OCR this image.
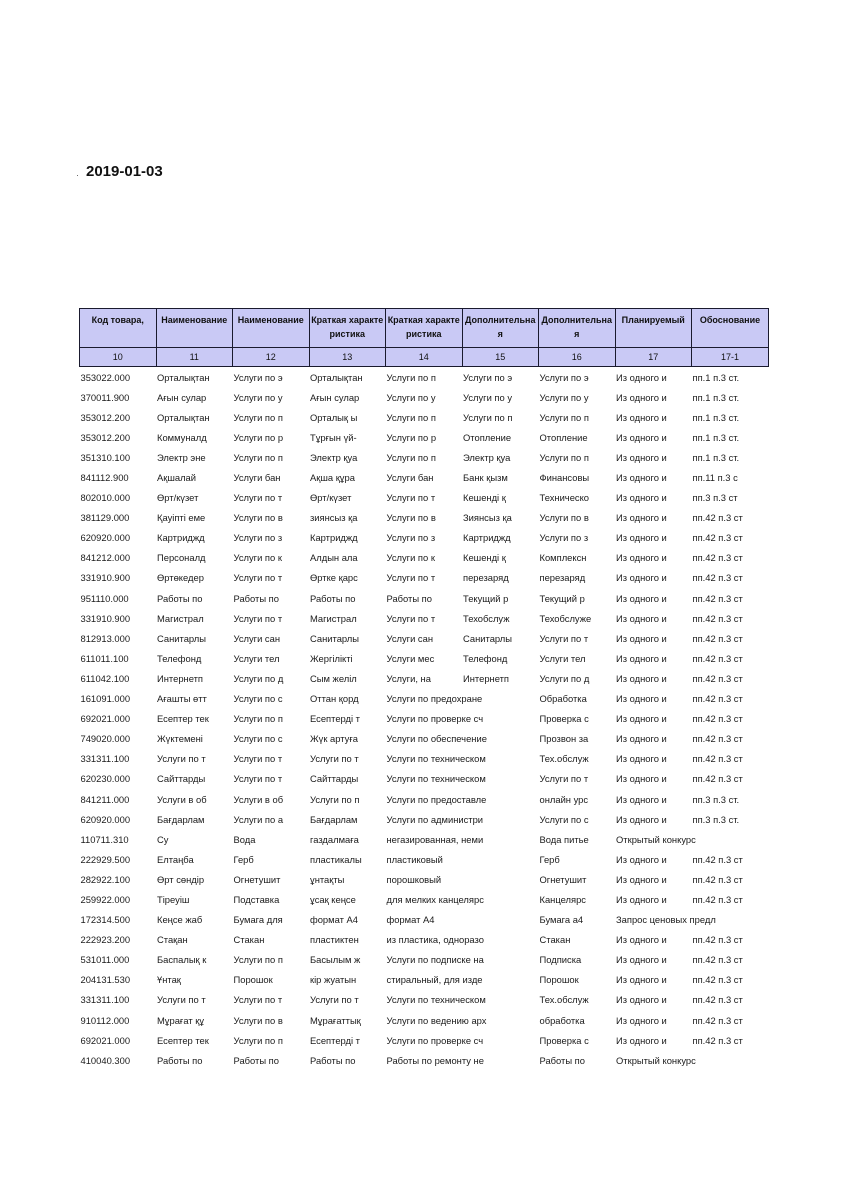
· 2019-01-03
Код товара,	Наименование	Наименование	Краткая характеристика	Краткая характеристика	Дополнительная	Дополнительная	Планируемый	Обоснование

10	11	12	13	14	15	16	17	17-1
353022.000	Орталықтан	Услуги по э	Орталықтан	Услуги по п	Услуги по э	Услуги по э	Из одного и	пп.1 п.3 ст.
370011.900	Ағын сулар	Услуги по у	Ағын сулар	Услуги по у	Услуги по у	Услуги по у	Из одного и	пп.1 п.3 ст.
353012.200	Орталықтан	Услуги по п	Орталық ы	Услуги по п	Услуги по п	Услуги по п	Из одного и	пп.1 п.3 ст.
353012.200	Коммуналд	Услуги по р	Тұрғын үй-	Услуги по р	Отопление	Отопление	Из одного и	пп.1 п.3 ст.
351310.100	Электр эне	Услуги по п	Электр қуа	Услуги по п	Электр қуа	Услуги по п	Из одного и	пп.1 п.3 ст.
841112.900	Ақшалай	Услуги бан	Ақша құра	Услуги бан	Банк қызм	Финансовы	Из одного и	пп.11 п.3 с
802010.000	Өрт/күзет	Услуги по т	Өрт/күзет	Услуги по т	Кешенді қ	Техническо	Из одного и	пп.3 п.3 ст
381129.000	Қауіпті еме	Услуги по в	зиянсыз қа	Услуги по в	Зиянсыз қа	Услуги по в	Из одного и	пп.42 п.3 ст
620920.000	Картриджд	Услуги по з	Картриджд	Услуги по з	Картриджд	Услуги по з	Из одного и	пп.42 п.3 ст
841212.000	Персоналд	Услуги по к	Алдын ала	Услуги по к	Кешенді қ	Комплексн	Из одного и	пп.42 п.3 ст
331910.900	Өртөкедер	Услуги по т	Өртке қарс	Услуги по т	перезаряд	перезаряд	Из одного и	пп.42 п.3 ст
951110.000	Работы по	Работы по	Работы по	Работы по	Текущий р	Текущий р	Из одного и	пп.42 п.3 ст
331910.900	Магистрал	Услуги по т	Магистрал	Услуги по т	Техобслуж	Техобслуже	Из одного и	пп.42 п.3 ст
812913.000	Санитарлы	Услуги сан	Санитарлы	Услуги сан	Санитарлы	Услуги по т	Из одного и	пп.42 п.3 ст
611011.100	Телефонд	Услуги тел	Жергілікті	Услуги мес	Телефонд	Услуги тел	Из одного и	пп.42 п.3 ст
611042.100	Интернетп	Услуги по д	Сым желіл	Услуги, на	Интернетп	Услуги по д	Из одного и	пп.42 п.3 ст
161091.000	Ағашты өтт	Услуги по с	Оттан қорд	Услуги по предохране		Обработка	Из одного и	пп.42 п.3 ст
692021.000	Есептер тек	Услуги по п	Есептерді т	Услуги по проверке сч		Проверка с	Из одного и	пп.42 п.3 ст
749020.000	Жүктемені	Услуги по с	Жүк артуға	Услуги по обеспечение		Прозвон за	Из одного и	пп.42 п.3 ст
331311.100	Услуги по т	Услуги по т	Услуги по т	Услуги по техническом		Тех.обслуж	Из одного и	пп.42 п.3 ст
620230.000	Сайттарды	Услуги по т	Сайттарды	Услуги по техническом		Услуги по т	Из одного и	пп.42 п.3 ст
841211.000	Услуги в об	Услуги в об	Услуги по п	Услуги по предоставле		онлайн урс	Из одного и	пп.3 п.3 ст.
620920.000	Бағдарлам	Услуги по а	Бағдарлам	Услуги по администри		Услуги по с	Из одного и	пп.3 п.3 ст.
110711.310	Су	Вода	газдалмаға	негазированная, неми		Вода питье	Открытый конкурс	
222929.500	Елтаңба	Герб	пластикалы	пластиковый		Герб	Из одного и	пп.42 п.3 ст
282922.100	Өрт сөндір	Огнетушит	ұнтақты	порошковый		Огнетушит	Из одного и	пп.42 п.3 ст
259922.000	Тіреуіш	Подставка	ұсақ кеңсе	для мелких канцелярс		Канцелярс	Из одного и	пп.42 п.3 ст
172314.500	Кеңсе жаб	Бумага для	формат А4	формат А4		Бумага а4	Запрос ценовых предл	
222923.200	Стақан	Стакан	пластиктен	из пластика, одноразо		Стакан	Из одного и	пп.42 п.3 ст
531011.000	Баспалық к	Услуги по п	Басылым ж	Услуги по подписке на		Подписка	Из одного и	пп.42 п.3 ст
204131.530	Ұнтақ	Порошок	кір жуатын	стиральный, для изде		Порошок	Из одного и	пп.42 п.3 ст
331311.100	Услуги по т	Услуги по т	Услуги по т	Услуги по техническом		Тех.обслуж	Из одного и	пп.42 п.3 ст
910112.000	Мұрағат құ	Услуги по в	Мұрағаттық	Услуги по ведению арх		обработка	Из одного и	пп.42 п.3 ст
692021.000	Есептер тек	Услуги по п	Есептерді т	Услуги по проверке сч		Проверка с	Из одного и	пп.42 п.3 ст
410040.300	Работы по	Работы по	Работы по	Работы по ремонту не		Работы по	Открытый конкурс	
